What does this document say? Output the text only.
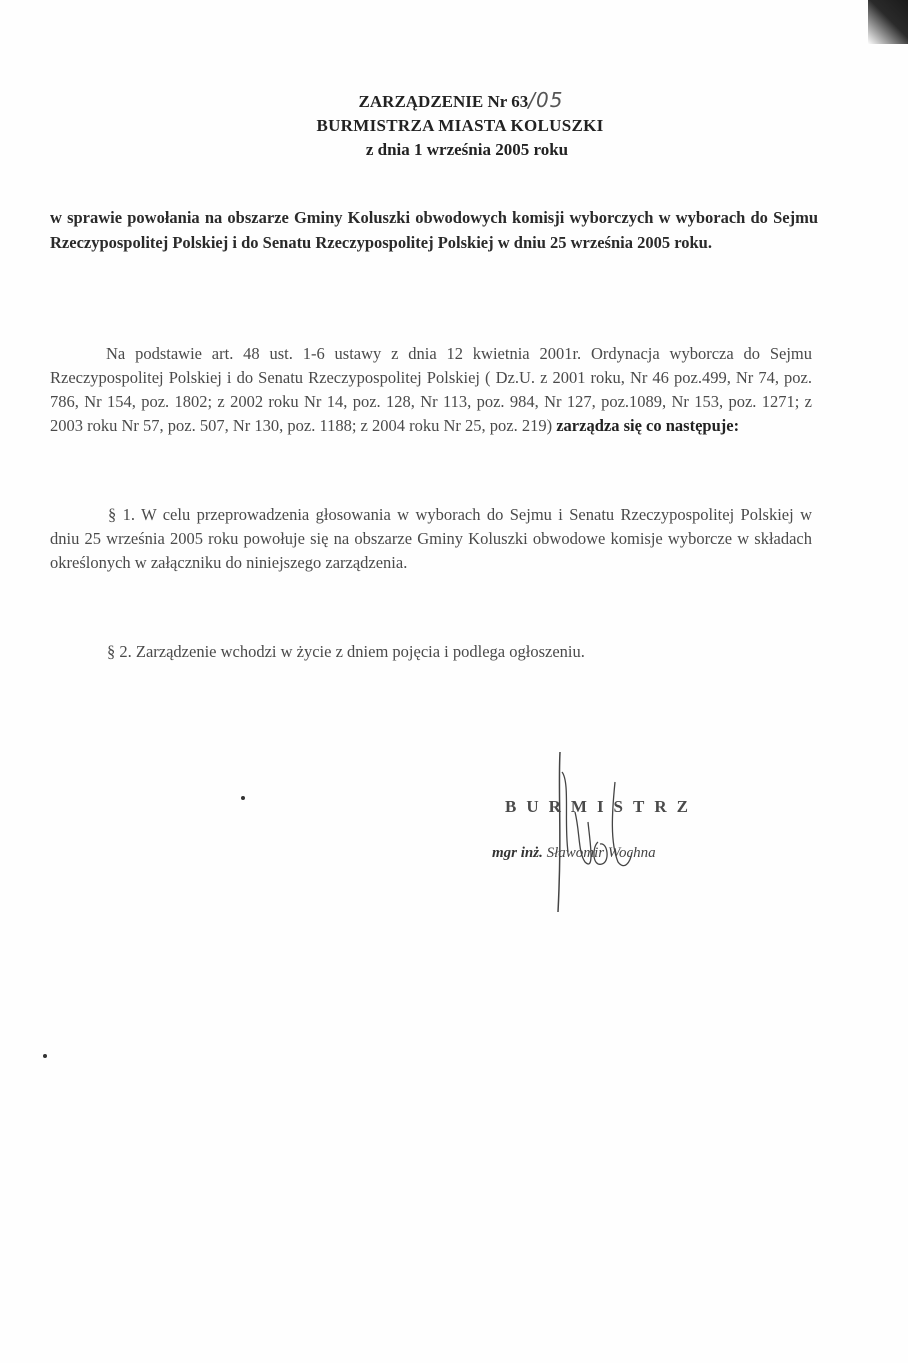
ZARZĄDZENIE Nr 63/05
BURMISTRZA MIASTA KOLUSZKI
z dnia 1 września 2005 roku
w sprawie powołania na obszarze Gminy Koluszki obwodowych komisji wyborczych w wyborach do Sejmu Rzeczypospolitej Polskiej i do Senatu Rzeczypospolitej Polskiej w dniu 25 września 2005 roku.
Na podstawie art. 48 ust. 1-6 ustawy z dnia 12 kwietnia 2001r. Ordynacja wyborcza do Sejmu Rzeczypospolitej Polskiej i do Senatu Rzeczypospolitej Polskiej ( Dz.U. z 2001 roku, Nr 46 poz.499, Nr 74, poz. 786, Nr 154, poz. 1802; z 2002 roku Nr 14, poz. 128, Nr 113, poz. 984, Nr 127, poz.1089, Nr 153, poz. 1271; z 2003 roku Nr 57, poz. 507, Nr 130, poz. 1188; z 2004 roku Nr 25, poz. 219) zarządza się co następuje:
§ 1. W celu przeprowadzenia głosowania w wyborach do Sejmu i Senatu Rzeczypospolitej Polskiej w dniu 25 września 2005 roku powołuje się na obszarze Gminy Koluszki obwodowe komisje wyborcze w składach określonych w załączniku do niniejszego zarządzenia.
§ 2. Zarządzenie wchodzi w życie z dniem pojęcia i podlega ogłoszeniu.
BURMISTRZ
mgr inż. Sławomir Wochna
